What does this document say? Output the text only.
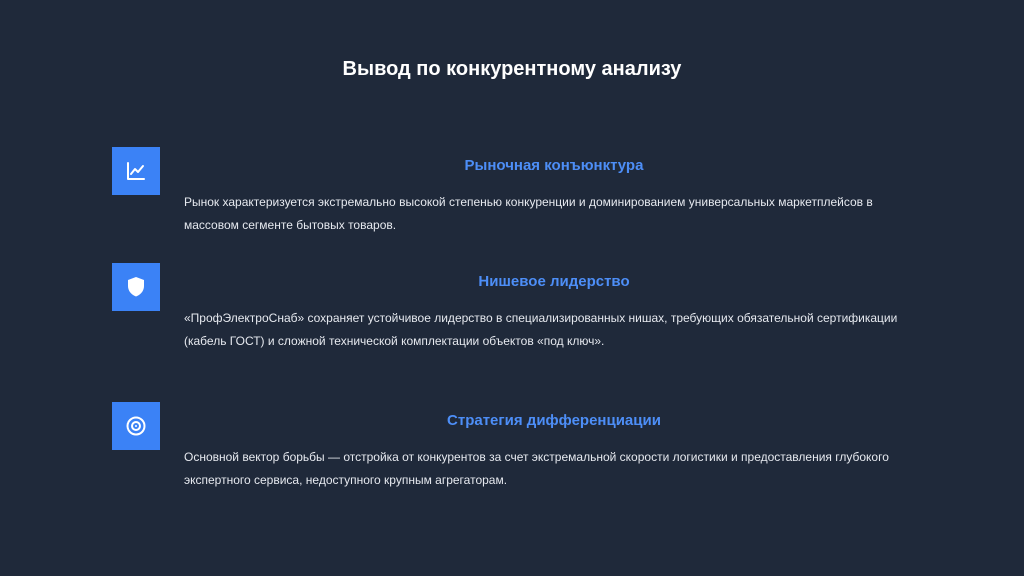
Вывод по конкурентному анализу
Рыночная конъюнктура
Рынок характеризуется экстремально высокой степенью конкуренции и доминированием универсальных маркетплейсов в массовом сегменте бытовых товаров.
Нишевое лидерство
«ПрофЭлектроСнаб» сохраняет устойчивое лидерство в специализированных нишах, требующих обязательной сертификации (кабель ГОСТ) и сложной технической комплектации объектов «под ключ».
Стратегия дифференциации
Основной вектор борьбы — отстройка от конкурентов за счет экстремальной скорости логистики и предоставления глубокого экспертного сервиса, недоступного крупным агрегаторам.
